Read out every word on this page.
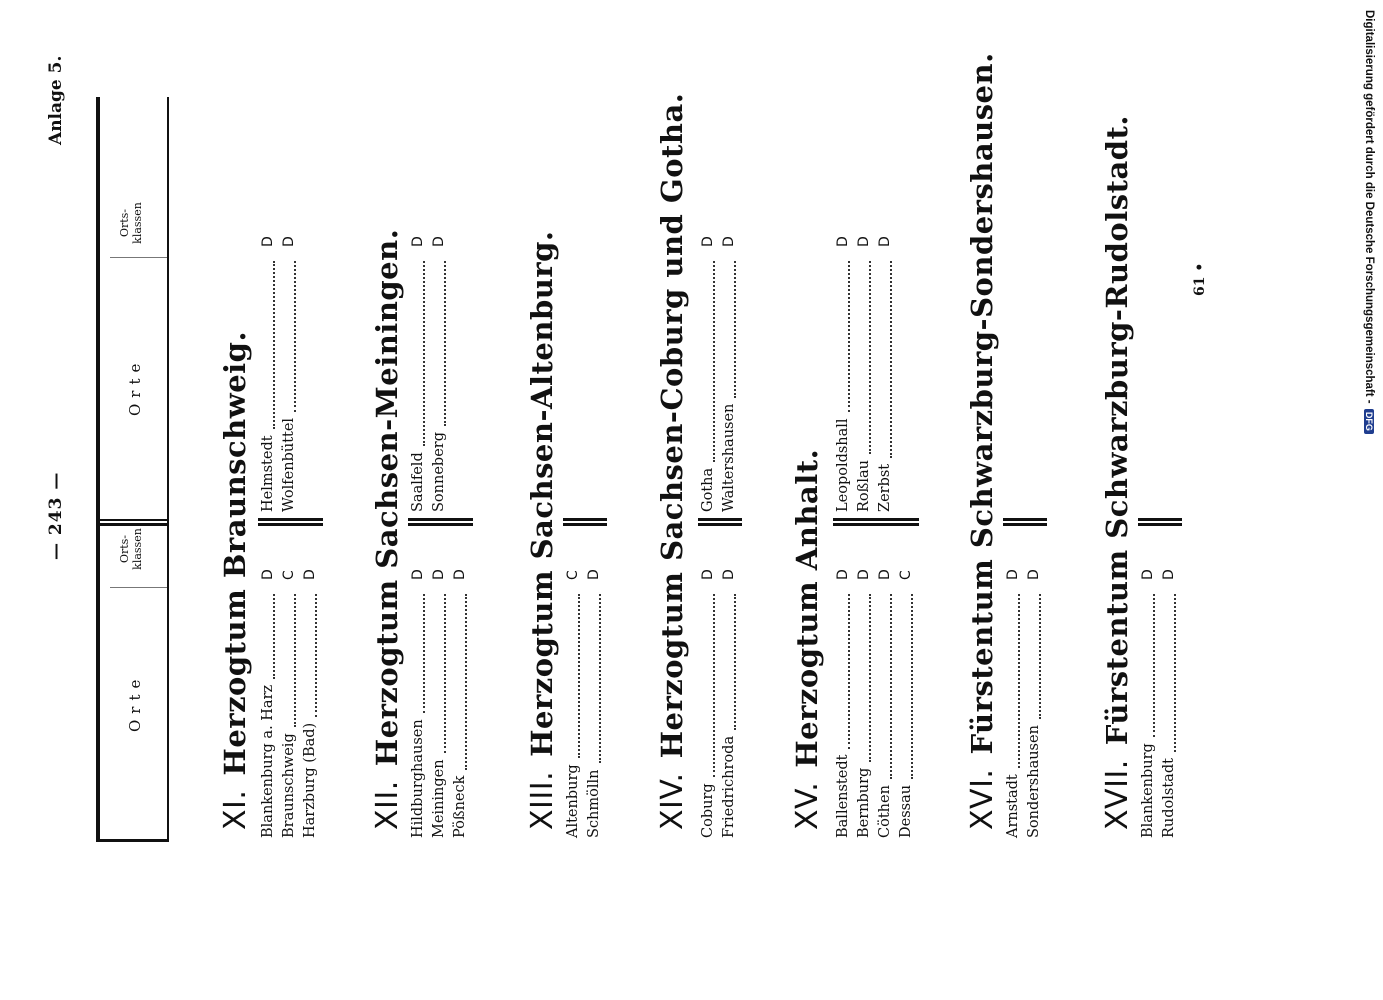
— 243 —
Anlage 5.
Orte
Orts- klassen
Orte
Orts- klassen
XI.Herzogtum Braunschweig. Blankenburg a. Harz
D
Braunschweig
C
Harzburg (Bad)
D
Helmstedt
D
Wolfenbüttel
D
XII.Herzogtum Sachsen-Meiningen.
Hildburghausen
D
Meiningen
D
Pößneck
D
Saalfeld
D
Sonneberg
D
XIII.Herzogtum Sachsen-Altenburg.
Altenburg
C
Schmölln
D
XIV.Herzogtum Sachsen-Coburg und Gotha.
Coburg
D
Friedrichroda
D
Gotha
D
Waltershausen
D
XV.Herzogtum Anhalt.
Ballenstedt
D
Bernburg
D
Cöthen
D
Dessau
C
Leopoldshall
D
Roßlau
D
Zerbst
D
XVI.Fürstentum Schwarzburg-Sondershausen.
Arnstadt
D
Sondershausen
D
XVII.Fürstentum Schwarzburg-Rudolstadt.
Blankenburg
D
Rudolstadt
D
61 •	Digitalisierung gefördert durch die Deutsche Forschungsgemeinschaft - DFG
